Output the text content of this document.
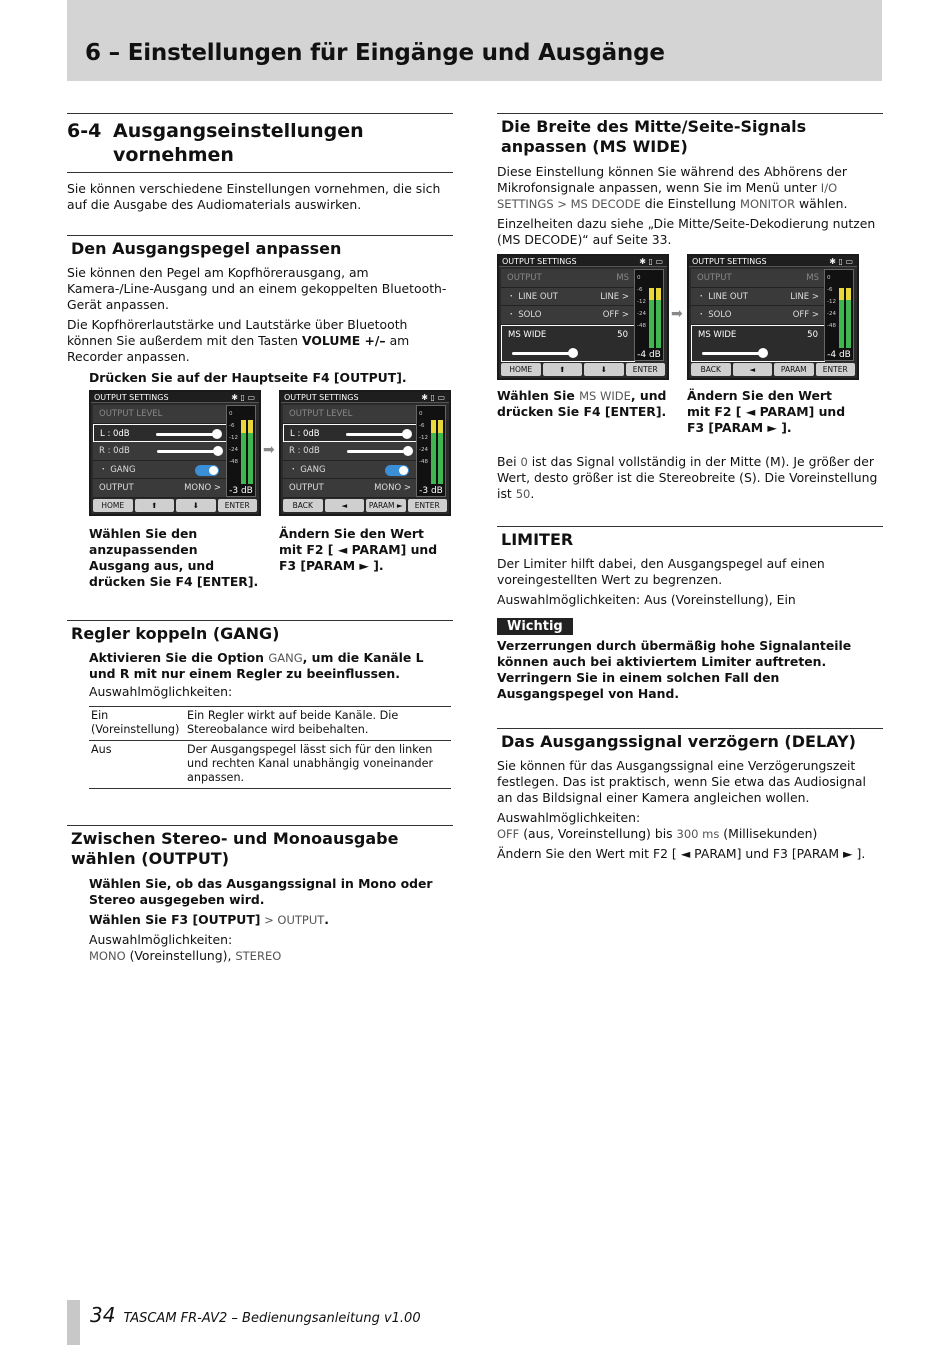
6 – Einstellungen für Eingänge und Ausgänge
6-4 Ausgangseinstellungen
vornehmen

Sie können verschiedene Einstellungen vornehmen, die sich auf die Ausgabe des Audiomaterials auswirken.

Den Ausgangspegel anpassen

Sie können den Pegel am Kopfhörerausgang, am Kamera-/Line-Ausgang und an einem gekoppelten Bluetooth-Gerät anpassen.

Die Kopfhörerlautstärke und Lautstärke über Bluetooth können Sie außerdem mit den Tasten VOLUME +/– am Recorder anpassen.

Drücken Sie auf der Hauptseite F4 [OUTPUT].

OUTPUT SETTINGS	✱ ▯ ▭
OUTPUT LEVEL
L : 0dB
R : 0dB
・ GANG
OUTPUT	MONO >
0
-6
-12
-24
-48
-3 dB
HOME	⬆	⬇	ENTER
➡
OUTPUT SETTINGS	✱ ▯ ▭
OUTPUT LEVEL
L : 0dB
R : 0dB
・ GANG
OUTPUT	MONO >
0
-6
-12
-24
-48
-3 dB
BACK	◄	PARAM ►	ENTER

Wählen Sie den anzupassenden Ausgang aus, und drücken Sie F4 [ENTER].

Ändern Sie den Wert mit F2 [ ◄ PARAM] und F3 [PARAM ► ].

Regler koppeln (GANG)

Aktivieren Sie die Option GANG, um die Kanäle L und R mit nur einem Regler zu beeinflussen.

Auswahlmöglichkeiten:

Ein (Voreinstellung)	Ein Regler wirkt auf beide Kanäle. Die Stereobalance wird beibehalten.
Aus	Der Ausgangspegel lässt sich für den linken und rechten Kanal unabhängig voneinander anpassen.
Zwischen Stereo- und Monoausgabe wählen (OUTPUT)

Wählen Sie, ob das Ausgangssignal in Mono oder Stereo ausgegeben wird.

Wählen Sie F3 [OUTPUT] > OUTPUT.

Auswahlmöglichkeiten:

MONO (Voreinstellung), STEREO

Die Breite des Mitte/Seite-Signals anpassen (MS WIDE)

Diese Einstellung können Sie während des Abhörens der Mikrofonsignale anpassen, wenn Sie im Menü unter I/O SETTINGS > MS DECODE die Einstellung MONITOR wählen.

Einzelheiten dazu siehe „Die Mitte/Seite-Dekodierung nutzen (MS DECODE)“ auf Seite 33.

OUTPUT SETTINGS	✱ ▯ ▭
OUTPUT	MS
・ LINE OUT	LINE >
・ SOLO	OFF >
MS WIDE	50
0
-6
-12
-24
-48
-4 dB
HOME	⬆	⬇	ENTER
➡
OUTPUT SETTINGS	✱ ▯ ▭
OUTPUT	MS
・ LINE OUT	LINE >
・ SOLO	OFF >
MS WIDE	50
0
-6
-12
-24
-48
-4 dB
BACK	◄	PARAM	ENTER

Wählen Sie MS WIDE, und drücken Sie F4 [ENTER].

Ändern Sie den Wert mit F2 [ ◄ PARAM] und F3 [PARAM ► ].

Bei 0 ist das Signal vollständig in der Mitte (M). Je größer der Wert, desto größer ist die Stereobreite (S). Die Voreinstellung ist 50.

LIMITER

Der Limiter hilft dabei, den Ausgangspegel auf einen voreingestellten Wert zu begrenzen.

Auswahlmöglichkeiten: Aus (Voreinstellung), Ein

Wichtig

Verzerrungen durch übermäßig hohe Signalanteile können auch bei aktiviertem Limiter auftreten. Verringern Sie in einem solchen Fall den Ausgangspegel von Hand.

Das Ausgangssignal verzögern (DELAY)

Sie können für das Ausgangssignal eine Verzögerungszeit festlegen. Das ist praktisch, wenn Sie etwa das Audiosignal an das Bildsignal einer Kamera angleichen wollen.

Auswahlmöglichkeiten:

OFF (aus, Voreinstellung) bis 300 ms (Millisekunden)

Ändern Sie den Wert mit F2 [ ◄ PARAM] und F3 [PARAM ► ].

34 TASCAM FR-AV2 – Bedienungsanleitung v1.00
